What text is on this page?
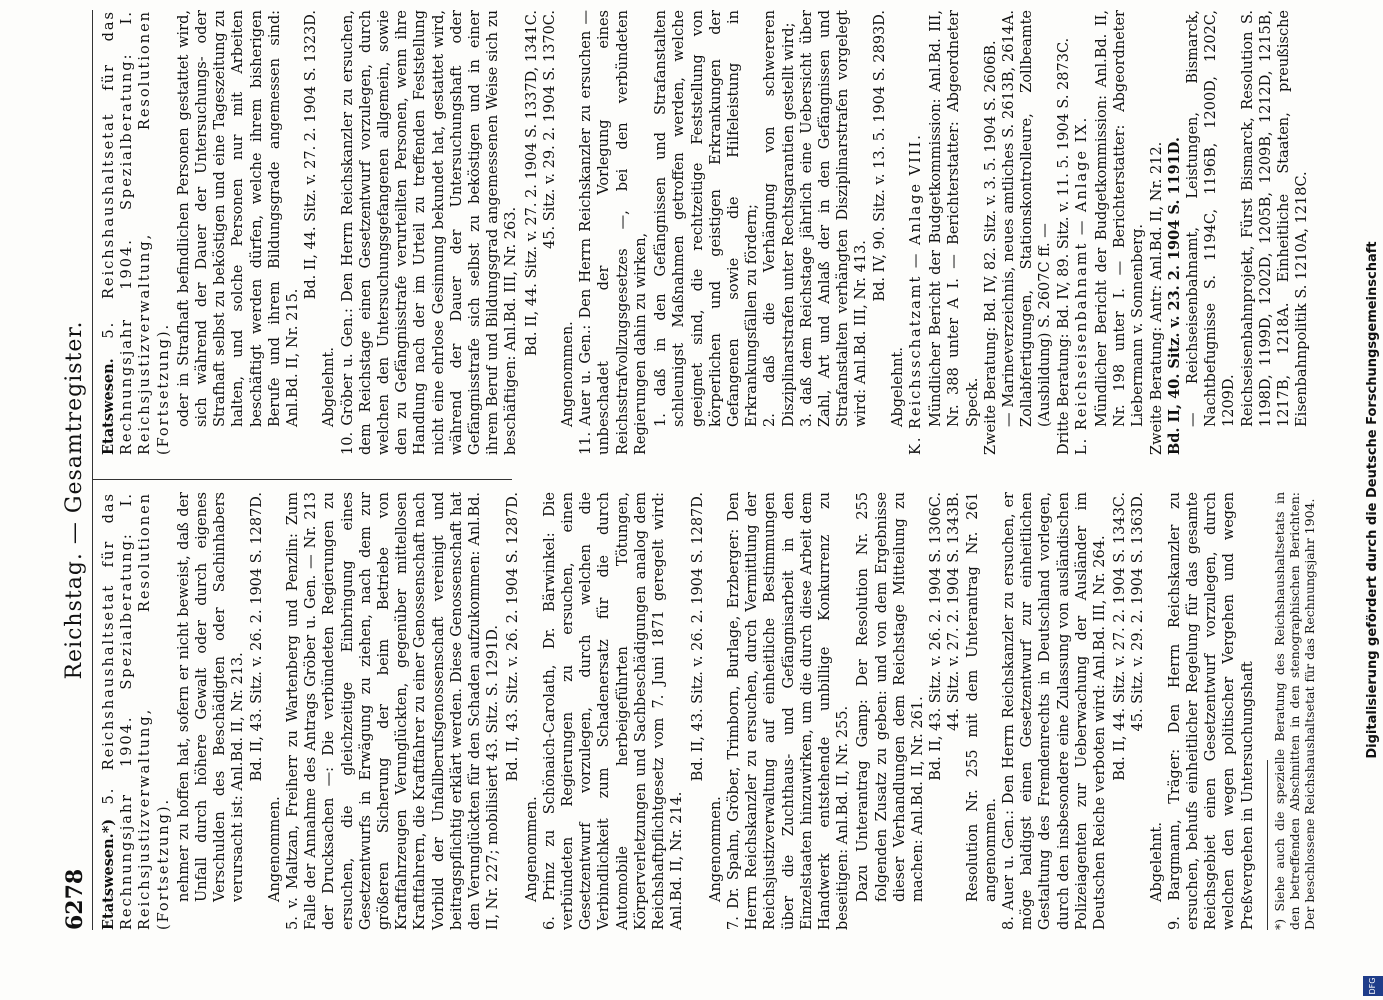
6278
Reichstag. — Gesamtregister.

Etatswesen.*) 5. Reichshaushaltsetat für das Rechnungsjahr 1904. Spezialberatung: I. Reichsjustizverwaltung, Resolutionen (Fortsetzung). nehmer zu hoffen hat, sofern er nicht beweist, daß der Unfall durch höhere Gewalt oder durch eigenes Verschulden des Beschädigten oder Sachinhabers verursacht ist: Anl.Bd. II, Nr. 213. Bd. II, 43. Sitz. v. 26. 2. 1904 S. 1287D.

Angenommen. 5. v. Maltzan, Freiherr zu Wartenberg und Penzlin: Zum Falle der Annahme des Antrags Gröber u. Gen. — Nr. 213 der Drucksachen —: Die verbündeten Regierungen zu ersuchen, die gleichzeitige Einbringung eines Gesetzentwurfs in Erwägung zu ziehen, nach dem zur größeren Sicherung der beim Betriebe von Kraftfahrzeugen Verunglückten, gegenüber mittellosen Kraftfahrern, die Kraftfahrer zu einer Genossenschaft nach Vorbild der Unfallberufsgenossenschaft vereinigt und beitragspflichtig erklärt werden. Diese Genossenschaft hat den Verunglückten für den Schaden aufzukommen: Anl.Bd. II, Nr. 227; mobilisiert 43. Sitz. S. 1291D. Bd. II, 43. Sitz. v. 26. 2. 1904 S. 1287D.

Angenommen. 6. Prinz zu Schönaich-Carolath, Dr. Bärwinkel: Die verbündeten Regierungen zu ersuchen, einen Gesetzentwurf vorzulegen, durch welchen die Verbindlichkeit zum Schadenersatz für die durch Automobile herbeigeführten Tötungen, Körperverletzungen und Sachbeschädigungen analog dem Reichshaftpflichtgesetz vom 7. Juni 1871 geregelt wird: Anl.Bd. II, Nr. 214.

Bd. II, 43. Sitz. v. 26. 2. 1904 S. 1287D.

Angenommen. 7. Dr. Spahn, Gröber, Trimborn, Burlage, Erzberger: Den Herrn Reichskanzler zu ersuchen, durch Vermittlung der Reichsjustizverwaltung auf einheitliche Bestimmungen über die Zuchthaus- und Gefängnisarbeit in den Einzelstaaten hinzuwirken, um die durch diese Arbeit dem Handwerk entstehende unbillige Konkurrenz zu beseitigen: Anl.Bd. II, Nr. 255. Dazu Unterantrag Gamp: Der Resolution Nr. 255 folgenden Zusatz zu geben: und von dem Ergebnisse dieser Verhandlungen dem Reichstage Mitteilung zu machen: Anl.Bd. II, Nr. 261.

Bd. II, 43. Sitz. v. 26. 2. 1904 S. 1306C. 44. Sitz. v. 27. 2. 1904 S. 1343B. Resolution Nr. 255 mit dem Unterantrag Nr. 261 angenommen. 8. Auer u. Gen.: Den Herrn Reichskanzler zu ersuchen, er möge baldigst einen Gesetzentwurf zur einheitlichen Gestaltung des Fremdenrechts in Deutschland vorlegen, durch den insbesondere eine Zulassung von ausländischen Polizeiagenten zur Ueberwachung der Ausländer im Deutschen Reiche verboten wird: Anl.Bd. III, Nr. 264. Bd. II, 44. Sitz. v. 27. 2. 1904 S. 1343C. 45. Sitz. v. 29. 2. 1904 S. 1363D.

Abgelehnt. 9. Bargmann, Träger: Den Herrn Reichskanzler zu ersuchen, behufs einheitlicher Regelung für das gesamte Reichsgebiet einen Gesetzentwurf vorzulegen, durch welchen den wegen politischer Vergehen und wegen Preßvergehen in Untersuchungshaft *) Siehe auch die spezielle Beratung des Reichshaushaltsetats in den betreffenden Abschnitten in den stenographischen Berichten: Der beschlossene Reichshaushaltsetat für das Rechnungsjahr 1904.

Etatswesen. 5. Reichshaushaltsetat für das Rechnungsjahr 1904. Spezialberatung: I. Reichsjustizverwaltung, Resolutionen (Fortsetzung). oder in Strafhaft befindlichen Personen gestattet wird, sich während der Dauer der Untersuchungs- oder Strafhaft selbst zu beköstigen und eine Tageszeitung zu halten, und solche Personen nur mit Arbeiten beschäftigt werden dürfen, welche ihrem bisherigen Berufe und ihrem Bildungsgrade angemessen sind: Anl.Bd. II, Nr. 215.

Bd. II, 44. Sitz. v. 27. 2. 1904 S. 1323D.

Abgelehnt. 10. Gröber u. Gen.: Den Herrn Reichskanzler zu ersuchen, dem Reichstage einen Gesetzentwurf vorzulegen, durch welchen den Untersuchungsgefangenen allgemein, sowie den zu Gefängnisstrafe verurteilten Personen, wenn ihre Handlung nach der im Urteil zu treffenden Feststellung nicht eine ehrlose Gesinnung bekundet hat, gestattet wird, während der Dauer der Untersuchungshaft oder Gefängnisstrafe sich selbst zu beköstigen und in einer ihrem Beruf und Bildungsgrad angemessenen Weise sich zu beschäftigen: Anl.Bd. III, Nr. 263. Bd. II, 44. Sitz. v. 27. 2. 1904 S. 1337D, 1341C. 45. Sitz. v. 29. 2. 1904 S. 1370C.

Angenommen. 11. Auer u. Gen.: Den Herrn Reichskanzler zu ersuchen — unbeschadet der Vorlegung eines Reichsstrafvollzugsgesetzes —, bei den verbündeten Regierungen dahin zu wirken, 1. daß in den Gefängnissen und Strafanstalten schleunigst Maßnahmen getroffen werden, welche geeignet sind, die rechtzeitige Feststellung von körperlichen und geistigen Erkrankungen der Gefangenen sowie die Hilfeleistung in Erkrankungsfällen zu fördern; 2. daß die Verhängung von schwereren Disziplinarstrafen unter Rechtsgarantien gestellt wird; 3. daß dem Reichstage jährlich eine Uebersicht über Zahl, Art und Anlaß der in den Gefängnissen und Strafanstalten verhängten Disziplinarstrafen vorgelegt wird: Anl.Bd. III, Nr. 413.

Bd. IV, 90. Sitz. v. 13. 5. 1904 S. 2893D.

Abgelehnt. K. Reichsschatzamt — Anlage VIII. Mündlicher Bericht der Budgetkommission: Anl.Bd. III, Nr. 388 unter A I. — Berichterstatter: Abgeordneter Speck. Zweite Beratung: Bd. IV, 82. Sitz. v. 3. 5. 1904 S. 2606B. — Marineverzeichnis, neues amtliches S. 2613B, 2614A. Zollabfertigungen, Stationskontrolleure, Zollbeamte (Ausbildung) S. 2607C ff. — Dritte Beratung: Bd. IV, 89. Sitz. v. 11. 5. 1904 S. 2873C. L. Reichseisenbahnamt — Anlage IX. Mündlicher Bericht der Budgetkommission: Anl.Bd. II, Nr. 198 unter I. — Berichterstatter: Abgeordneter Liebermann v. Sonnenberg. Zweite Beratung: Antr: Anl.Bd. II, Nr. 212. Bd. II, 40. Sitz. v. 23. 2. 1904 S. 1191D. — Reichseisenbahnamt, Leistungen, Bismarck, Nachtbefugnisse S. 1194C, 1196B, 1200D, 1202C, 1209D. Reichseisenbahnprojekt, Fürst Bismarck, Resolution S. 1198D, 1199D, 1202D, 1205B, 1209B, 1212D, 1215B, 1217B, 1218A. Einheitliche Staaten, preußische Eisenbahnpolitik S. 1210A, 1218C.	Digitalisierung gefördert durch die Deutsche Forschungsgemeinschaft
DFG
